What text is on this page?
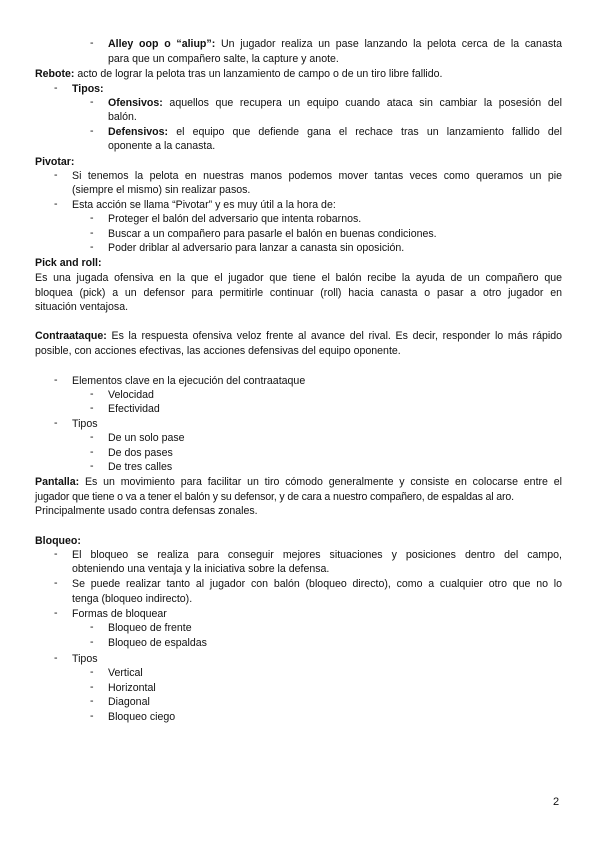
-	Alley oop o “aliup”: Un jugador realiza un pase lanzando la pelota cerca de la canasta
para que un compañero salte, la capture y anote.
Rebote: acto de lograr la pelota tras un lanzamiento de campo o de un tiro libre fallido.
-	Tipos:
-	Ofensivos: aquellos que recupera un equipo cuando ataca sin cambiar la posesión del
balón.
-	Defensivos: el equipo que defiende gana el rechace tras un lanzamiento fallido del
oponente a la canasta.
Pivotar:
-	Si tenemos la pelota en nuestras manos podemos mover tantas veces como queramos un pie
(siempre el mismo) sin realizar pasos.
-	Esta acción se llama “Pivotar” y es muy útil a la hora de:
-	Proteger el balón del adversario que intenta robarnos.
-	Buscar a un compañero para pasarle el balón en buenas condiciones.
-	Poder driblar al adversario para lanzar a canasta sin oposición.
Pick and roll:
Es una jugada ofensiva en la que el jugador que tiene el balón recibe la ayuda de un compañero que
bloquea (pick) a un defensor para permitirle continuar (roll) hacia canasta o pasar a otro jugador en
situación ventajosa.
Contraataque: Es la respuesta ofensiva veloz frente al avance del rival. Es decir, responder lo más rápido
posible, con acciones efectivas, las acciones defensivas del equipo oponente.
-	Elementos clave en la ejecución del contraataque
-	Velocidad
-	Efectividad
-	Tipos
-	De un solo pase
-	De dos pases
-	De tres calles
Pantalla: Es un movimiento para facilitar un tiro cómodo generalmente y consiste en colocarse entre el
jugador que tiene o va a tener el balón y su defensor, y de cara a nuestro compañero, de espaldas al aro.
Principalmente usado contra defensas zonales.
Bloqueo:
-	El bloqueo se realiza para conseguir mejores situaciones y posiciones dentro del campo,
obteniendo una ventaja y la iniciativa sobre la defensa.
-	Se puede realizar tanto al jugador con balón (bloqueo directo), como a cualquier otro que no lo
tenga (bloqueo indirecto).
-	Formas de bloquear
-	Bloqueo de frente
-	Bloqueo de espaldas
-	Tipos
-	Vertical
-	Horizontal
-	Diagonal
-	Bloqueo ciego
2
